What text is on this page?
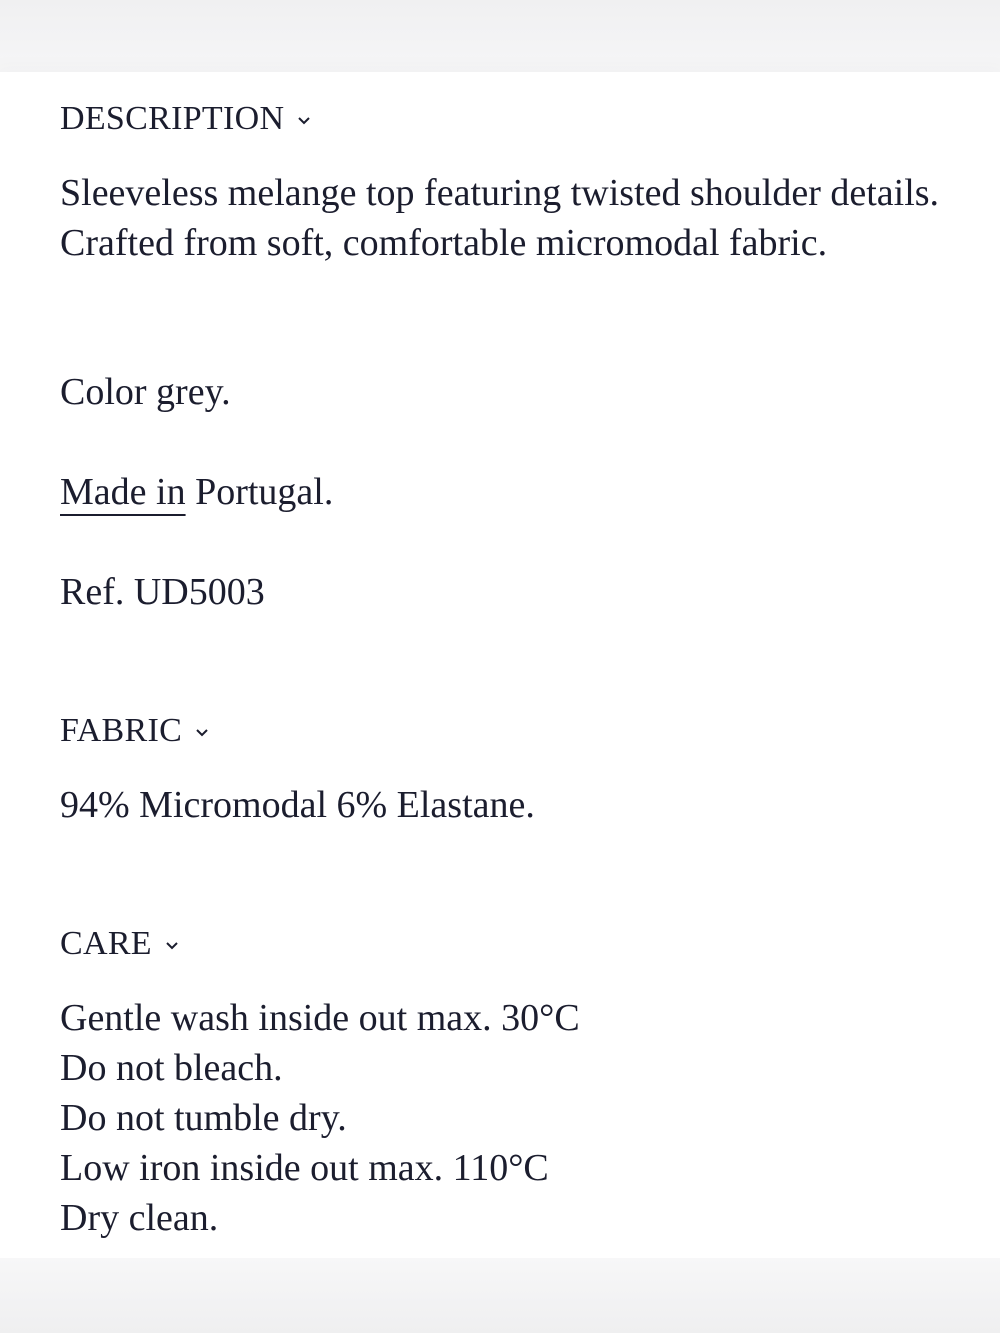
DESCRIPTION

Sleeveless melange top featuring twisted shoulder details. Crafted from soft, comfortable micromodal fabric.

Color grey.
Made in Portugal.
Ref. UD5003
FABRIC
94% Micromodal 6% Elastane.
CARE
Gentle wash inside out max. 30°C
Do not bleach.
Do not tumble dry.
Low iron inside out max. 110°C
Dry clean.
